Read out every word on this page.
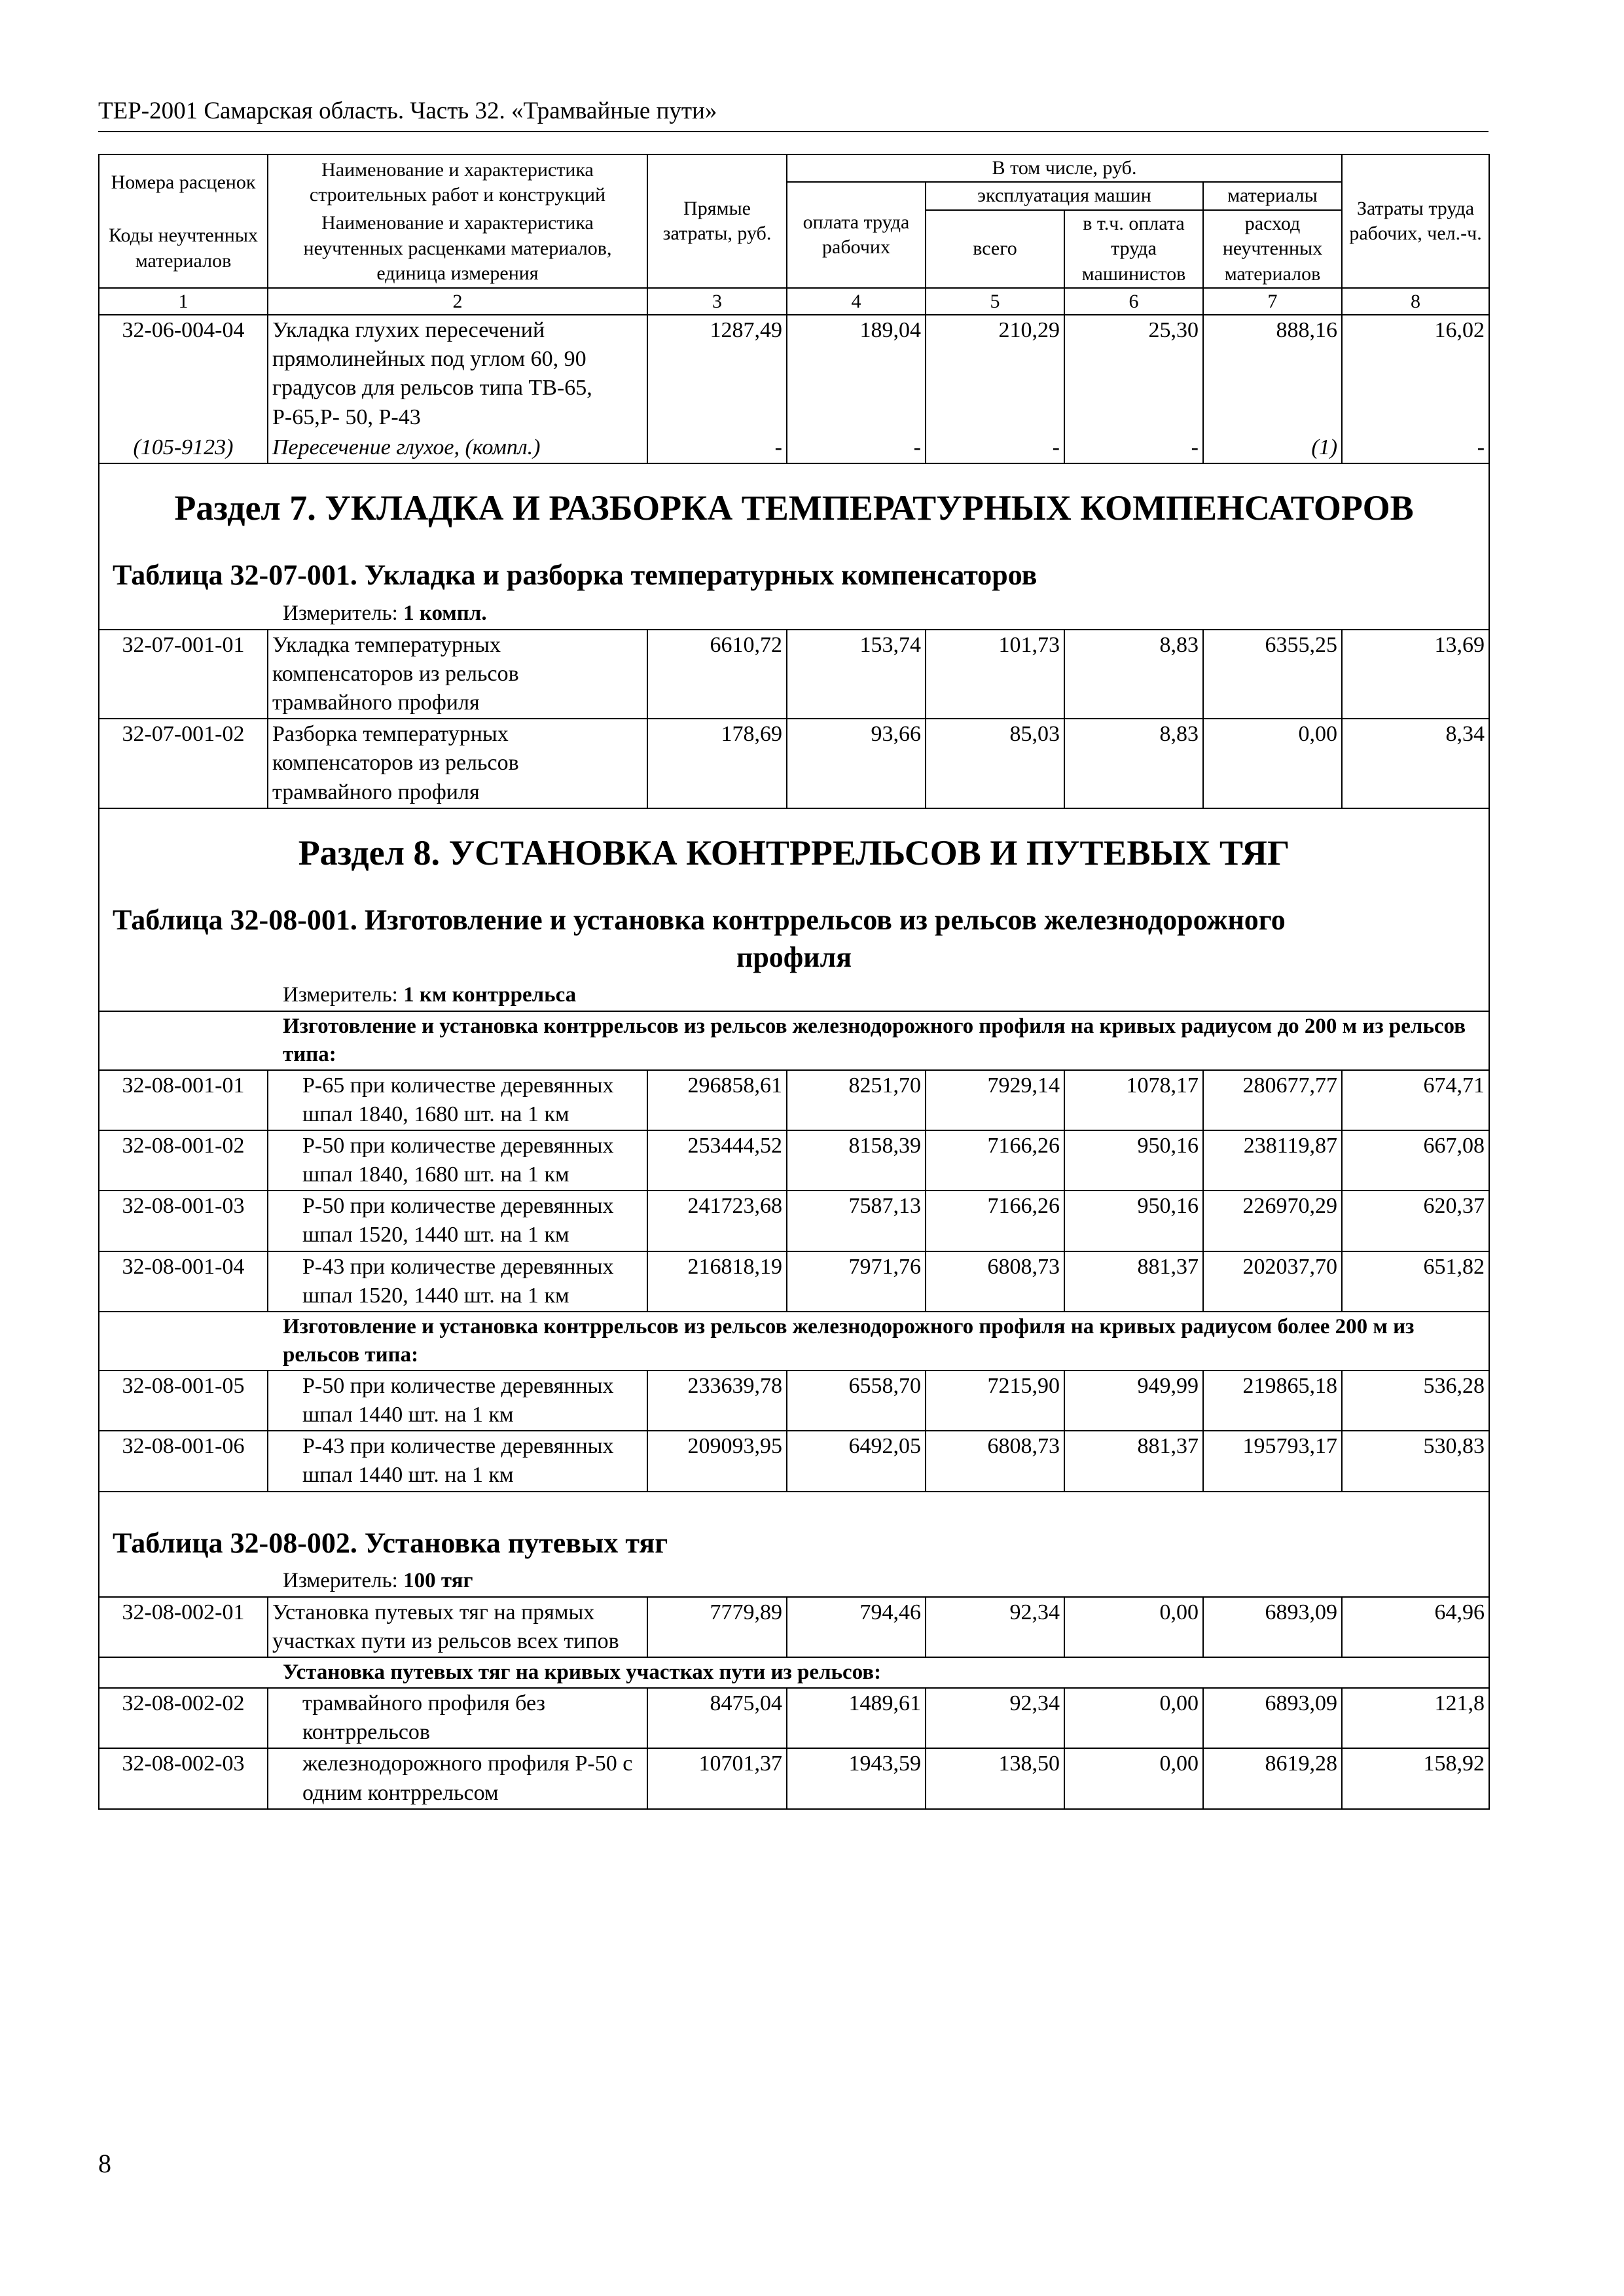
ТЕР-2001 Самарская область. Часть 32. «Трамвайные пути»
Номера расценок	Наименование и характеристика строительных работ и конструкций	Прямые затраты, руб.	В том числе, руб.				Затраты труда рабочих, чел.-ч.
			оплата труда рабочих	эксплуатация машин		материалы	
Коды неучтенных материалов	Наименование и характеристика неучтенных расценками материалов, единица измерения			всего	в т.ч. оплата труда машинистов	расход неучтенных материалов	

1	2	3	4	5	6	7	8
32-06-004-04	Укладка глухих пересечений прямолинейных под углом 60, 90 градусов для рельсов типа ТВ-65, Р-65,Р- 50, Р-43	1287,49	189,04	210,29	25,30	888,16	16,02
(105-9123)	Пересечение глухое, (компл.)	-	-	-	-	(1)	-
Раздел 7. УКЛАДКА И РАЗБОРКА ТЕМПЕРАТУРНЫХ КОМПЕНСАТОРОВ							
Таблица 32-07-001. Укладка и разборка температурных компенсаторов							
Измеритель: 1 компл.							
32-07-001-01	Укладка температурных компенсаторов из рельсов трамвайного профиля	6610,72	153,74	101,73	8,83	6355,25	13,69
32-07-001-02	Разборка температурных компенсаторов из рельсов трамвайного профиля	178,69	93,66	85,03	8,83	0,00	8,34
Раздел 8. УСТАНОВКА КОНТРРЕЛЬСОВ И ПУТЕВЫХ ТЯГ							
Таблица 32-08-001. Изготовление и установка контррельсов из рельсов железнодорожного
профиля							

Измеритель: 1 км контррельса							
Изготовление и установка контррельсов из рельсов железнодорожного профиля на кривых радиусом до 200 м из рельсов типа:							
32-08-001-01	Р-65 при количестве деревянных шпал 1840, 1680 шт. на 1 км	296858,61	8251,70	7929,14	1078,17	280677,77	674,71
32-08-001-02	Р-50 при количестве деревянных шпал 1840, 1680 шт. на 1 км	253444,52	8158,39	7166,26	950,16	238119,87	667,08
32-08-001-03	Р-50 при количестве деревянных шпал 1520, 1440 шт. на 1 км	241723,68	7587,13	7166,26	950,16	226970,29	620,37
32-08-001-04	Р-43 при количестве деревянных шпал 1520, 1440 шт. на 1 км	216818,19	7971,76	6808,73	881,37	202037,70	651,82
Изготовление и установка контррельсов из рельсов железнодорожного профиля на кривых радиусом более 200 м из рельсов типа:							
32-08-001-05	Р-50 при количестве деревянных шпал 1440 шт. на 1 км	233639,78	6558,70	7215,90	949,99	219865,18	536,28
32-08-001-06	Р-43 при количестве деревянных шпал 1440 шт. на 1 км	209093,95	6492,05	6808,73	881,37	195793,17	530,83

Таблица 32-08-002. Установка путевых тяг							
Измеритель: 100 тяг							
32-08-002-01	Установка путевых тяг на прямых участках пути из рельсов всех типов	7779,89	794,46	92,34	0,00	6893,09	64,96
Установка путевых тяг на кривых участках пути из рельсов:							
32-08-002-02	трамвайного профиля без контррельсов	8475,04	1489,61	92,34	0,00	6893,09	121,8
32-08-002-03	железнодорожного профиля Р-50 с одним контррельсом	10701,37	1943,59	138,50	0,00	8619,28	158,92
8
